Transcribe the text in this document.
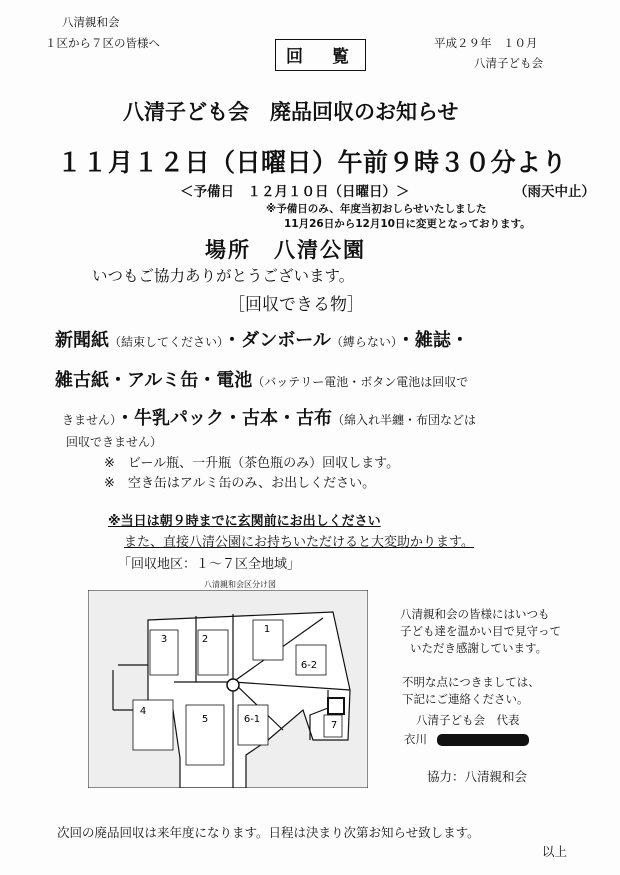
八清親和会
１区から７区の皆様へ
回　覧
平成２９年　１０月
八清子ども会
八清子ども会　廃品回収のお知らせ
１１月１２日（日曜日）午前９時３０分より
＜予備日　１２月１０日（日曜日）＞	（雨天中止）
※予備日のみ、年度当初おしらせいたしました
11月26日から12月10日に変更となっております。
場所　八清公園
いつもご協力ありがとうございます。
［回収できる物］
新聞紙（結束してください）・ダンボール（縛らない）・雑誌・
雑古紙・アルミ缶・電池（バッテリー電池・ボタン電池は回収で
きません）・牛乳パック・古本・古布（綿入れ半纏・布団などは
回収できません）
※　ビール瓶、一升瓶（茶色瓶のみ）回収します。
※　空き缶はアルミ缶のみ、お出しください。
※当日は朝９時までに玄関前にお出しください
また、直接八清公園にお持ちいただけると大変助かります。
「回収地区：１～７区全地域」
八清親和会区分け図
3	2
1
6-2
4
5	6-1
7
八清親和会の皆様にはいつも
子ども達を温かい目で見守って
いただき感謝しています。
不明な点につきましては、
下記にご連絡ください。
八清子ども会　代表
衣川
協力：八清親和会
次回の廃品回収は来年度になります。日程は決まり次第お知らせ致します。
以上
